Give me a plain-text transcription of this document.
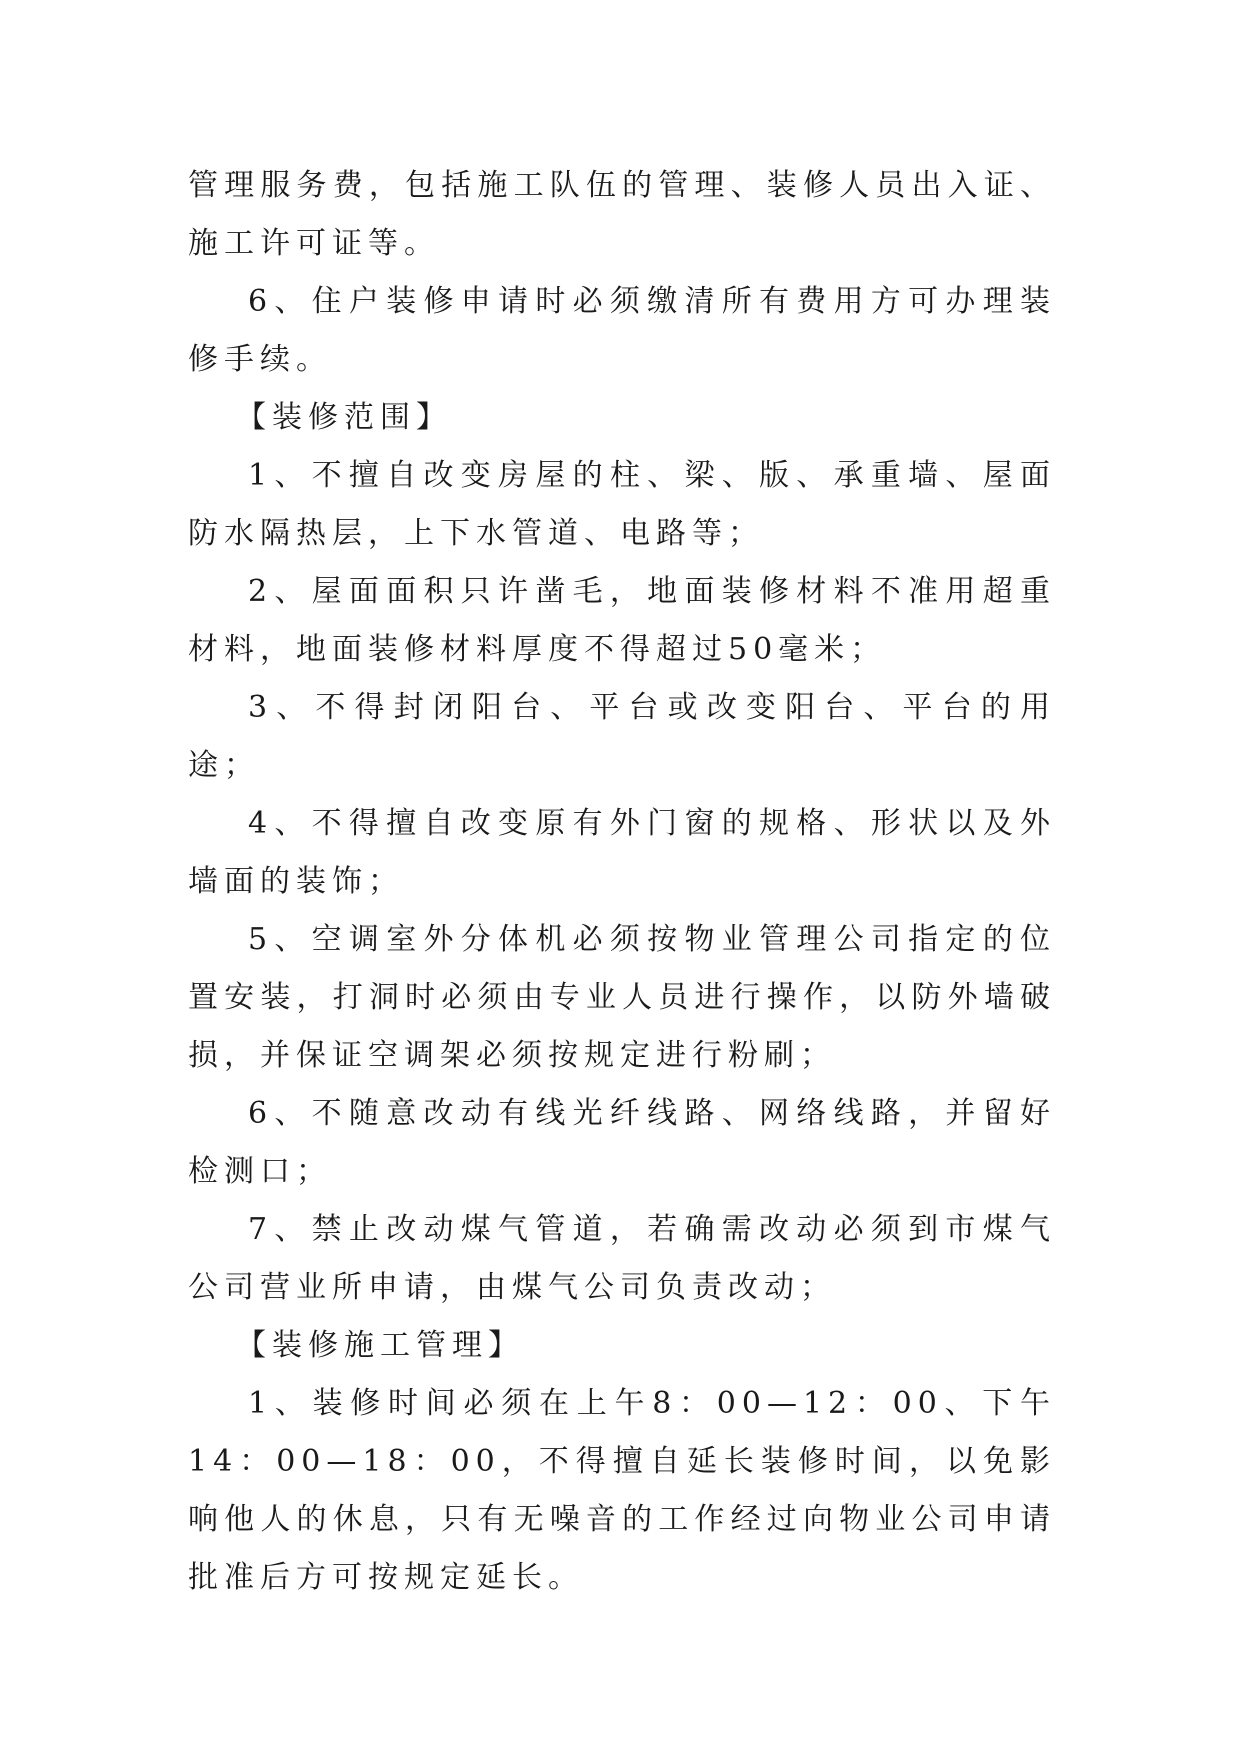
管理服务费，包括施工队伍的管理、装修人员出入证、施工许可证等。

6、住户装修申请时必须缴清所有费用方可办理装修手续。

【装修范围】

1、不擅自改变房屋的柱、梁、版、承重墙、屋面防水隔热层，上下水管道、电路等；

2、屋面面积只许凿毛，地面装修材料不准用超重材料，地面装修材料厚度不得超过50毫米；

3、不得封闭阳台、平台或改变阳台、平台的用途；

4、不得擅自改变原有外门窗的规格、形状以及外墙面的装饰；

5、空调室外分体机必须按物业管理公司指定的位置安装，打洞时必须由专业人员进行操作，以防外墙破损，并保证空调架必须按规定进行粉刷；

6、不随意改动有线光纤线路、网络线路，并留好检测口；

7、禁止改动煤气管道，若确需改动必须到市煤气公司营业所申请，由煤气公司负责改动；

【装修施工管理】

1、装修时间必须在上午8：00—12：00、下午14：00—18：00，不得擅自延长装修时间，以免影响他人的休息，只有无噪音的工作经过向物业公司申请批准后方可按规定延长。
